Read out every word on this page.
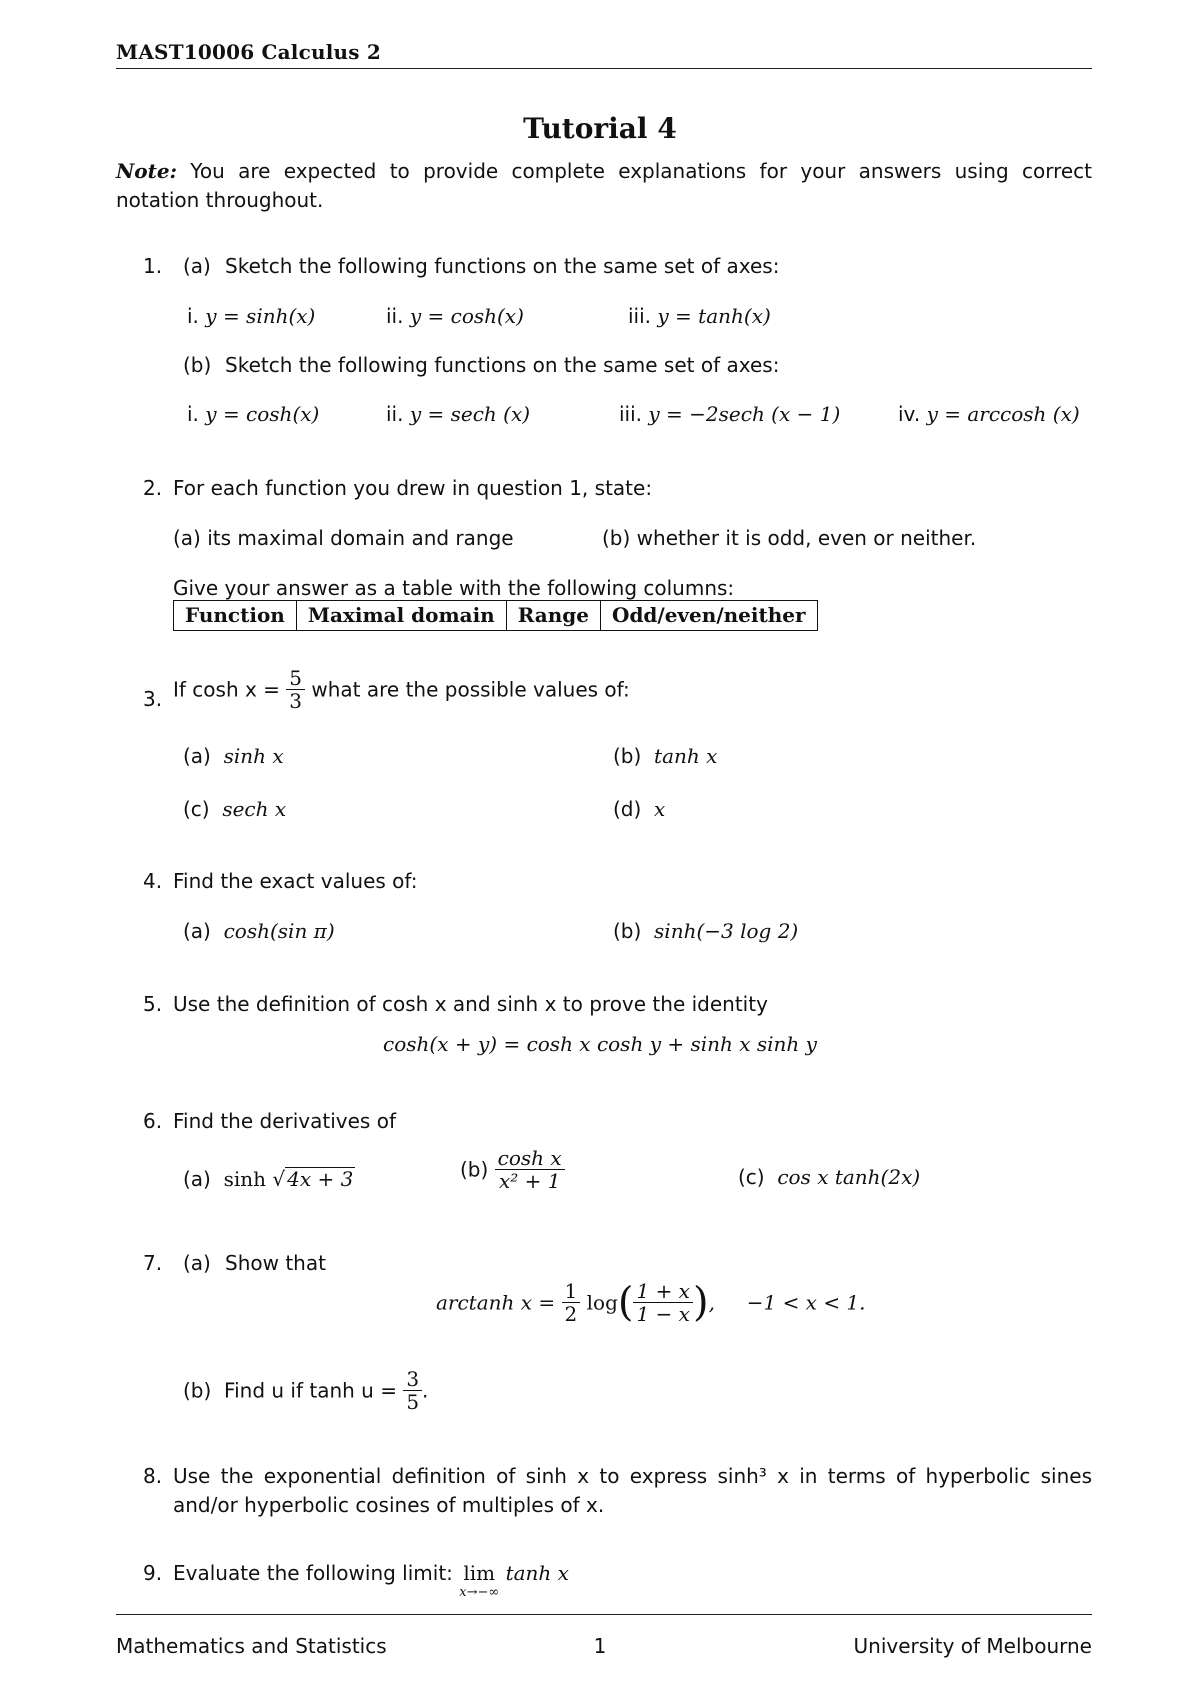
MAST10006 Calculus 2
Tutorial 4
Note: You are expected to provide complete explanations for your answers using correct notation throughout.
1. (a) Sketch the following functions on the same set of axes:
i. y = sinh(x)	ii. y = cosh(x)	iii. y = tanh(x)
(b) Sketch the following functions on the same set of axes:
i. y = cosh(x)	ii. y = sech (x)	iii. y = −2sech (x − 1)	iv. y = arccosh (x)
2. For each function you drew in question 1, state:
(a) its maximal domain and range	(b) whether it is odd, even or neither.
Give your answer as a table with the following columns:
Function	Maximal domain	Range	Odd/even/neither
3. If $\cosh x = \frac{5}{3}$ what are the possible values of:
(a) sinh x	(b) tanh x
(c) sech x	(d) x
4. Find the exact values of:
(a) cosh(sin π)	(b) sinh(−3 log 2)
5. Use the definition of cosh x and sinh x to prove the identity
cosh(x + y) = cosh x cosh y + sinh x sinh y
6. Find the derivatives of
(a) sinh √ 4x + 3	$(b) \frac{\text{cosh x}}{\text{x² + 1}}$	(c) cos x tanh(2x)
7. (a) Show that
arctanh $x = \frac{1}{2} \log( \frac{1 + x}{1 - x}$ ),     −1 < x < 1.
(b) Find u if $\tanh u = \frac{3}{5}$ .
8. Use the exponential definition of sinh x to express sinh³ x in terms of hyperbolic sines
and/or hyperbolic cosines of multiples of x.
9. Evaluate the following limit: lim
x→−∞
tanh x
Mathematics and Statistics	1	University of Melbourne
